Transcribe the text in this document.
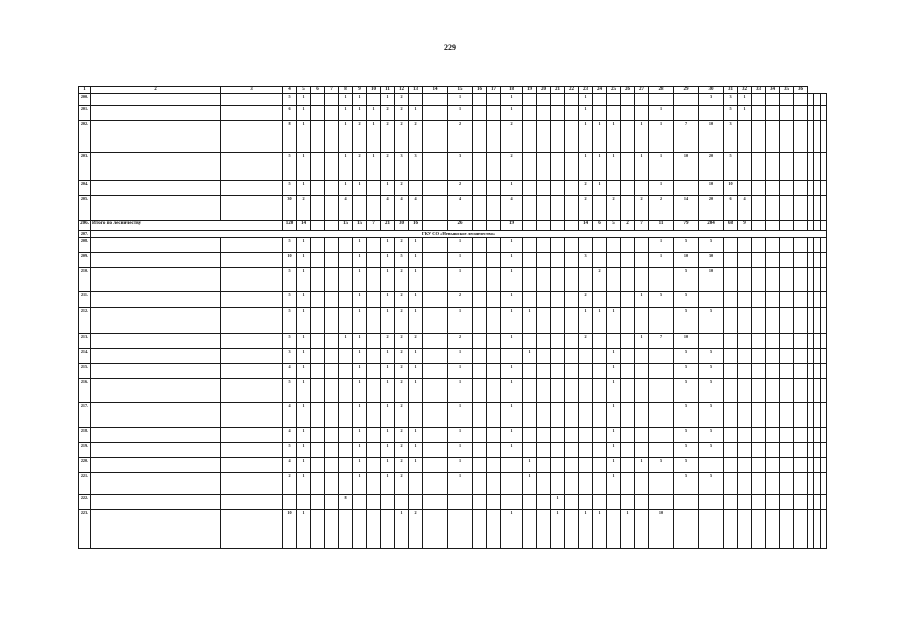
229
1	2	3	4	5	6	7	8	9	10	11	12	13	14	15	16	17	18	19	20	21	22	23	24	25	26	27	28	29	30	31	32	33	34	35	36			
200.			5	1			1	1		1	2			1			1					1							3	3	1							
201.			6	1			1	1	1	2	2	1		1			1					1					1			5	1							
202.			8	1			1	2	1	2	2	2		2			2					1	1	1		1	1	7	10	3								
203.			5	1			1	2	1	2	3	3		3			2					1	1	1		1	1	10	20	5								
204.			5	1			1	1		1	2			2			1					2	1				1		10	10								
205.			30	2			4			4	4	4		4			4					2		2		2	2	14	20	6	4							
206.	Итого по лесничеству		120	14			15	15	7	21	30	16		26			19					14	6	5	2	7	11	79	204	68	9							
207.	ГКУ СО «Невьянское лесничество»																																					
208.			5	1				1		1	2	1		1			1										1	5	5									
209.			10	1				1		1	5	1		1			1					3					1	10	30									
210.			5	1				1		1	2	1		1			1						2					5	10									
211.			5	1				1		1	2	1		2			1					2				1	5	5										
212.			5	1				1		1	2	1		1			1	1				1	1	1				5	5									
213.			5	1			1	1		2	2	2		2			1					2				1	7	10										
214.			3	1				1		1	2	1		1				1						1				5	5									
215.			4	1				1		1	2	1		1			1							1				5	5									
216.			5	1				1		1	2	1		1			1							1				5	5									
217.			4	1				1		1	2			1			1							1				5	5									
218.			4	1				1		1	2	1		1			1							1				5	5									
219.			5	1				1		1	2	1		1			1							1				5	5									
220.			4	1				1		1	2	1		1				1						1		1	5	5										
221.			2	1				1		1	2			1				1						1				5	5									
222.							8													1																		
223.			10	1							1	2					1			1		1	1		1		10											
